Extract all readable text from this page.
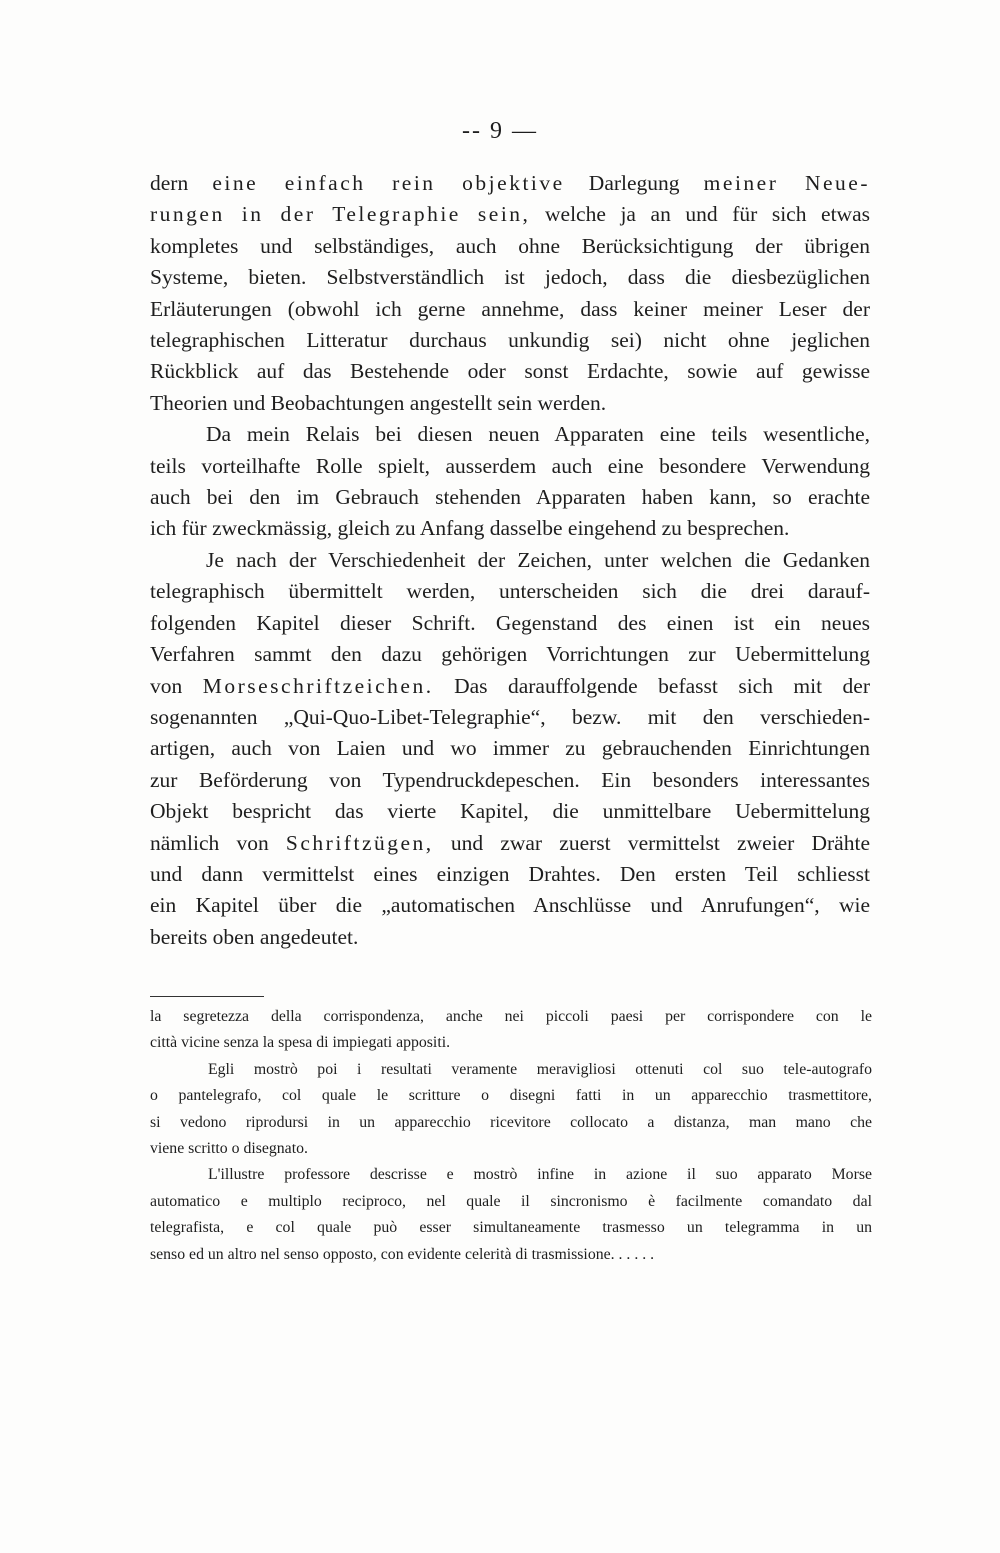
-- 9 —
dern eine einfach rein objektive Darlegung meiner Neue-
rungen in der Telegraphie sein, welche ja an und für sich etwas
kompletes und selbständiges, auch ohne Berücksichtigung der übrigen
Systeme, bieten. Selbstverständlich ist jedoch, dass die diesbezüglichen
Erläuterungen (obwohl ich gerne annehme, dass keiner meiner Leser der
telegraphischen Litteratur durchaus unkundig sei) nicht ohne jeglichen
Rückblick auf das Bestehende oder sonst Erdachte, sowie auf gewisse
Theorien und Beobachtungen angestellt sein werden.
Da mein Relais bei diesen neuen Apparaten eine teils wesentliche,
teils vorteilhafte Rolle spielt, ausserdem auch eine besondere Verwendung
auch bei den im Gebrauch stehenden Apparaten haben kann, so erachte
ich für zweckmässig, gleich zu Anfang dasselbe eingehend zu besprechen.
Je nach der Verschiedenheit der Zeichen, unter welchen die Gedanken
telegraphisch übermittelt werden, unterscheiden sich die drei darauf-
folgenden Kapitel dieser Schrift. Gegenstand des einen ist ein neues
Verfahren sammt den dazu gehörigen Vorrichtungen zur Uebermittelung
von Morseschriftzeichen. Das darauffolgende befasst sich mit der
sogenannten „Qui-Quo-Libet-Telegraphie“, bezw. mit den verschieden-
artigen, auch von Laien und wo immer zu gebrauchenden Einrichtungen
zur Beförderung von Typendruckdepeschen. Ein besonders interessantes
Objekt bespricht das vierte Kapitel, die unmittelbare Uebermittelung
nämlich von Schriftzügen, und zwar zuerst vermittelst zweier Drähte
und dann vermittelst eines einzigen Drahtes. Den ersten Teil schliesst
ein Kapitel über die „automatischen Anschlüsse und Anrufungen“, wie
bereits oben angedeutet.
la segretezza della corrispondenza, anche nei piccoli paesi per corrispondere con le
città vicine senza la spesa di impiegati appositi.
Egli mostrò poi i resultati veramente meravigliosi ottenuti col suo tele-autografo
o pantelegrafo, col quale le scritture o disegni fatti in un apparecchio trasmettitore,
si vedono riprodursi in un apparecchio ricevitore collocato a distanza, man mano che
viene scritto o disegnato.
L'illustre professore descrisse e mostrò infine in azione il suo apparato Morse
automatico e multiplo reciproco, nel quale il sincronismo è facilmente comandato dal
telegrafista, e col quale può esser simultaneamente trasmesso un telegramma in un
senso ed un altro nel senso opposto, con evidente celerità di trasmissione. . . . . .
